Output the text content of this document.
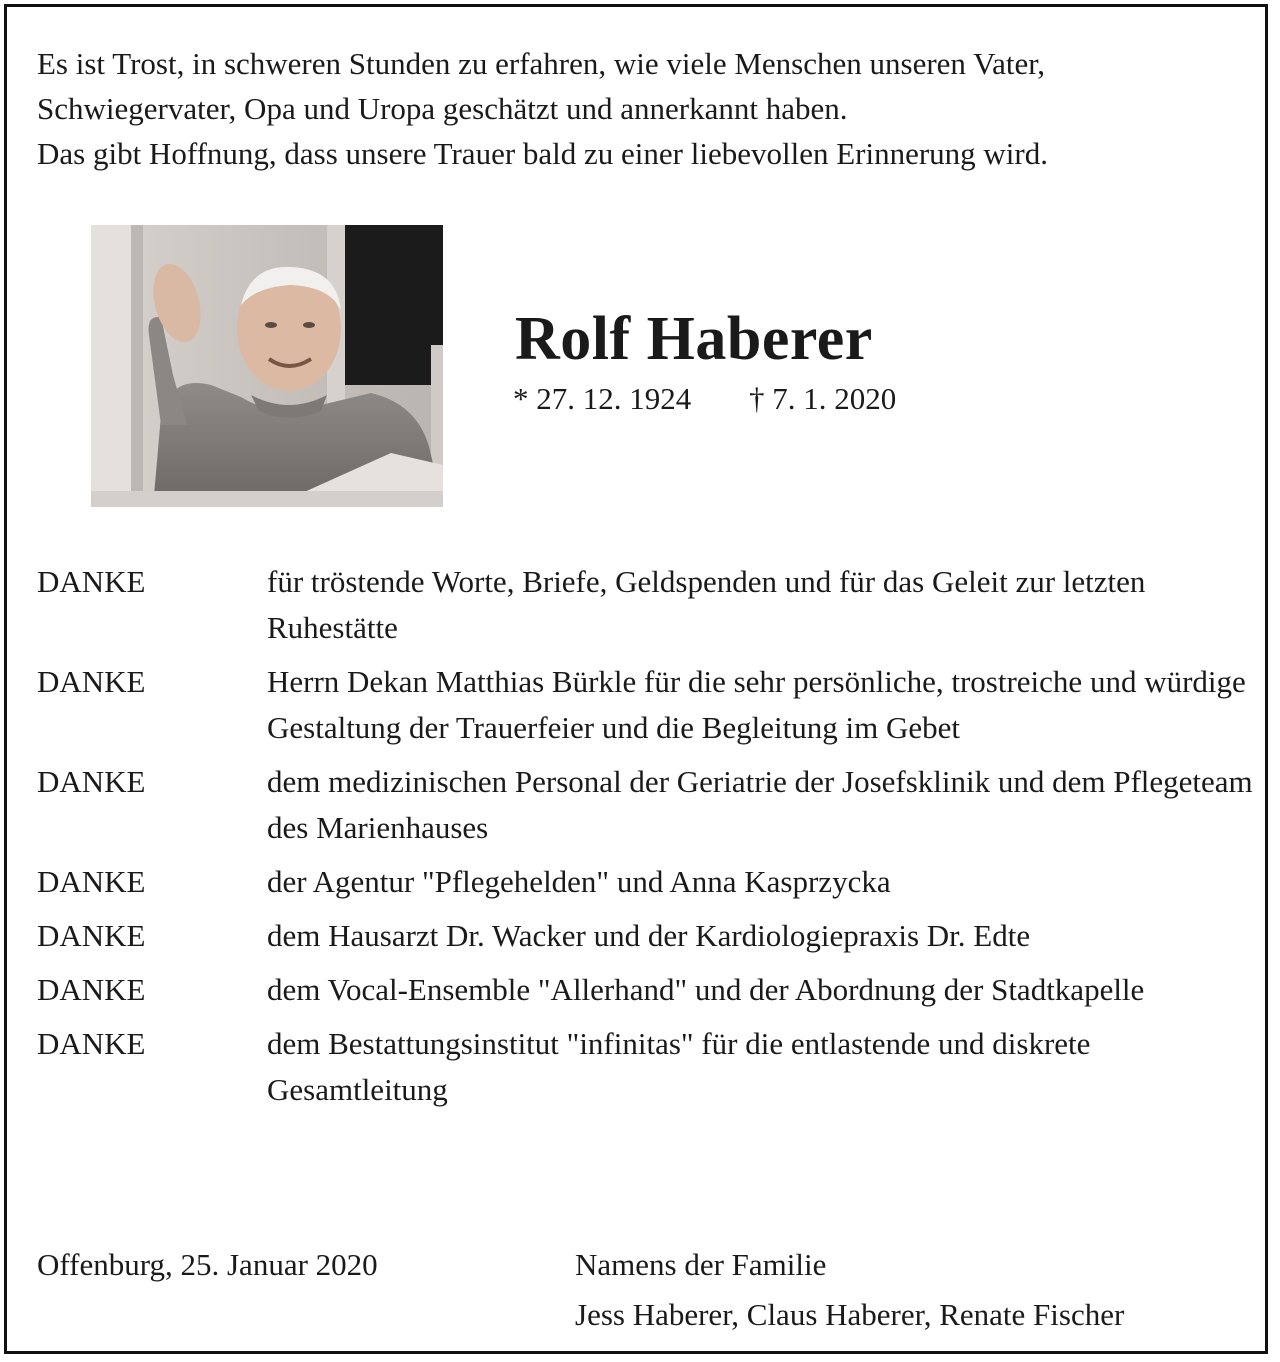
Es ist Trost, in schweren Stunden zu erfahren, wie viele Menschen unseren Vater,
Schwiegervater, Opa und Uropa geschätzt und annerkannt haben.
Das gibt Hoffnung, dass unsere Trauer bald zu einer liebevollen Erinnerung wird.

Rolf Haberer
* 27. 12. 1924 † 7. 1. 2020
DANKE	für tröstende Worte, Briefe, Geldspenden und für das Geleit zur letzten Ruhestätte
DANKE	Herrn Dekan Matthias Bürkle für die sehr persönliche, trostreiche und würdige Gestaltung der Trauerfeier und die Begleitung im Gebet
DANKE	dem medizinischen Personal der Geriatrie der Josefsklinik und dem Pflegeteam des Marienhauses
DANKE	der Agentur "Pflegehelden" und Anna Kasprzycka
DANKE	dem Hausarzt Dr. Wacker und der Kardiologiepraxis Dr. Edte
DANKE	dem Vocal-Ensemble "Allerhand" und der Abordnung der Stadtkapelle
DANKE	dem Bestattungsinstitut "infinitas" für die entlastende und diskrete Gesamtleitung
Offenburg, 25. Januar 2020	Namens der Familie
Jess Haberer, Claus Haberer, Renate Fischer
